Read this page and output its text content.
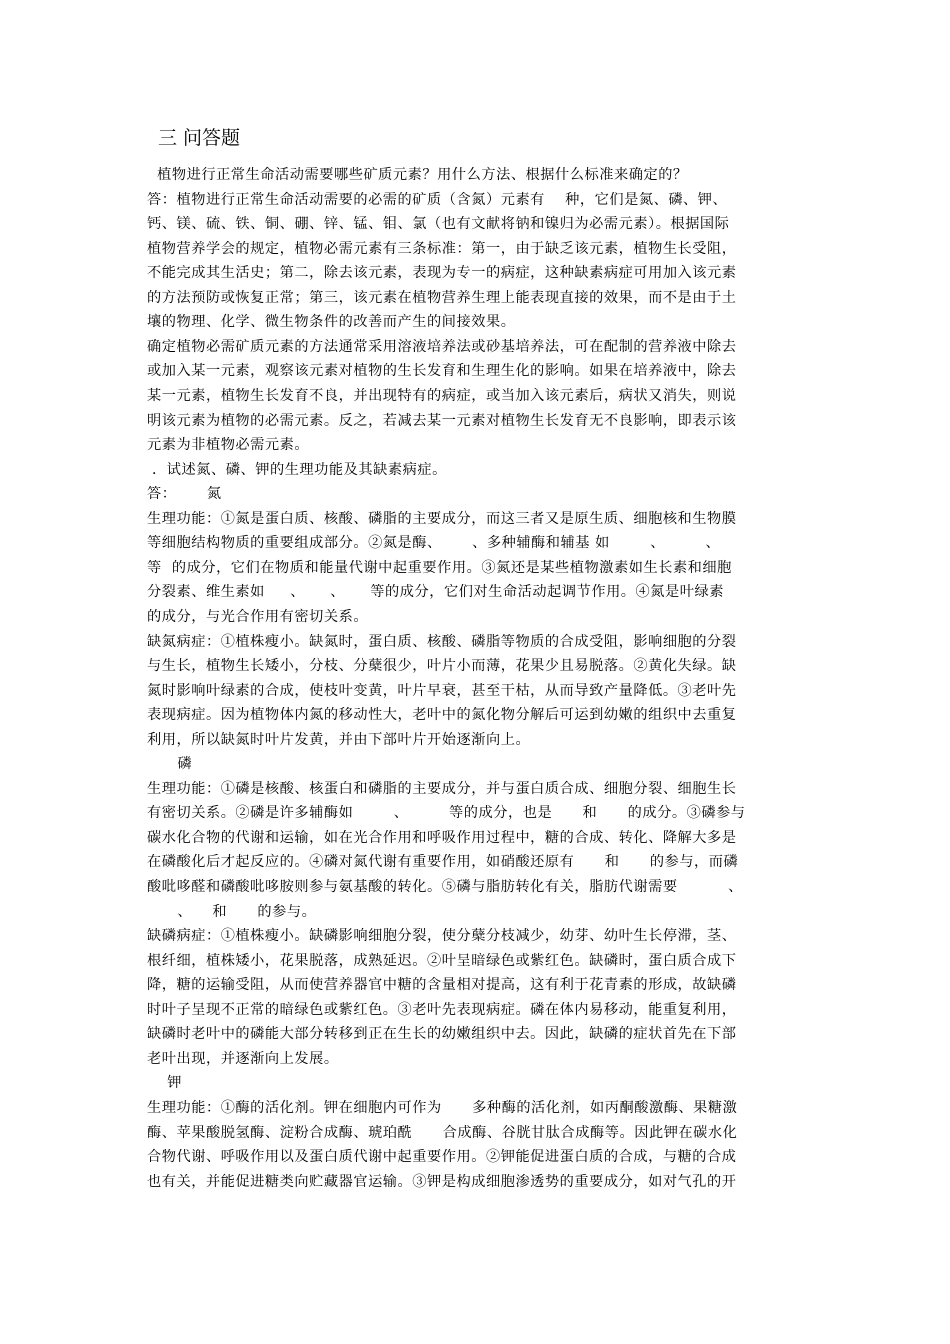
三 问答题
植物进行正常生命活动需要哪些矿质元素？用什么方法、根据什么标准来确定的？
答：植物进行正常生命活动需要的必需的矿质（含氮）元素有    种，它们是氮、磷、钾、
钙、镁、硫、铁、铜、硼、锌、锰、钼、氯（也有文献将钠和镍归为必需元素）。根据国际
植物营养学会的规定，植物必需元素有三条标准：第一，由于缺乏该元素，植物生长受阻，
不能完成其生活史；第二，除去该元素，表现为专一的病症，这种缺素病症可用加入该元素
的方法预防或恢复正常；第三，该元素在植物营养生理上能表现直接的效果，而不是由于土
壤的物理、化学、微生物条件的改善而产生的间接效果。
确定植物必需矿质元素的方法通常采用溶液培养法或砂基培养法，可在配制的营养液中除去
或加入某一元素，观察该元素对植物的生长发育和生理生化的影响。如果在培养液中，除去
某一元素，植物生长发育不良，并出现特有的病症，或当加入该元素后，病状又消失，则说
明该元素为植物的必需元素。反之，若减去某一元素对植物生长发育无不良影响，即表示该
元素为非植物必需元素。
．试述氮、磷、钾的生理功能及其缺素病症。
答：      氮
生理功能：①氮是蛋白质、核酸、磷脂的主要成分，而这三者又是原生质、细胞核和生物膜
等细胞结构物质的重要组成部分。②氮是酶、      、多种辅酶和辅基 如        、        、
等  的成分，它们在物质和能量代谢中起重要作用。③氮还是某些植物激素如生长素和细胞
分裂素、维生素如     、     、     等的成分，它们对生命活动起调节作用。④氮是叶绿素
的成分，与光合作用有密切关系。
缺氮病症：①植株瘦小。缺氮时，蛋白质、核酸、磷脂等物质的合成受阻，影响细胞的分裂
与生长，植物生长矮小，分枝、分蘖很少，叶片小而薄，花果少且易脱落。②黄化失绿。缺
氮时影响叶绿素的合成，使枝叶变黄，叶片早衰，甚至干枯，从而导致产量降低。③老叶先
表现病症。因为植物体内氮的移动性大，老叶中的氮化物分解后可运到幼嫩的组织中去重复
利用，所以缺氮时叶片发黄，并由下部叶片开始逐渐向上。
磷
生理功能：①磷是核酸、核蛋白和磷脂的主要成分，并与蛋白质合成、细胞分裂、细胞生长
有密切关系。②磷是许多辅酶如        、        等的成分，也是      和      的成分。③磷参与
碳水化合物的代谢和运输，如在光合作用和呼吸作用过程中，糖的合成、转化、降解大多是
在磷酸化后才起反应的。④磷对氮代谢有重要作用，如硝酸还原有      和      的参与，而磷
酸吡哆醛和磷酸吡哆胺则参与氨基酸的转化。⑤磷与脂肪转化有关，脂肪代谢需要          、
、    和      的参与。
缺磷病症：①植株瘦小。缺磷影响细胞分裂，使分蘖分枝减少，幼芽、幼叶生长停滞，茎、
根纤细，植株矮小，花果脱落，成熟延迟。②叶呈暗绿色或紫红色。缺磷时，蛋白质合成下
降，糖的运输受阻，从而使营养器官中糖的含量相对提高，这有利于花青素的形成，故缺磷
时叶子呈现不正常的暗绿色或紫红色。③老叶先表现病症。磷在体内易移动，能重复利用，
缺磷时老叶中的磷能大部分转移到正在生长的幼嫩组织中去。因此，缺磷的症状首先在下部
老叶出现，并逐渐向上发展。
钾
生理功能：①酶的活化剂。钾在细胞内可作为      多种酶的活化剂，如丙酮酸激酶、果糖激
酶、苹果酸脱氢酶、淀粉合成酶、琥珀酰      合成酶、谷胱甘肽合成酶等。因此钾在碳水化
合物代谢、呼吸作用以及蛋白质代谢中起重要作用。②钾能促进蛋白质的合成，与糖的合成
也有关，并能促进糖类向贮藏器官运输。③钾是构成细胞渗透势的重要成分，如对气孔的开
